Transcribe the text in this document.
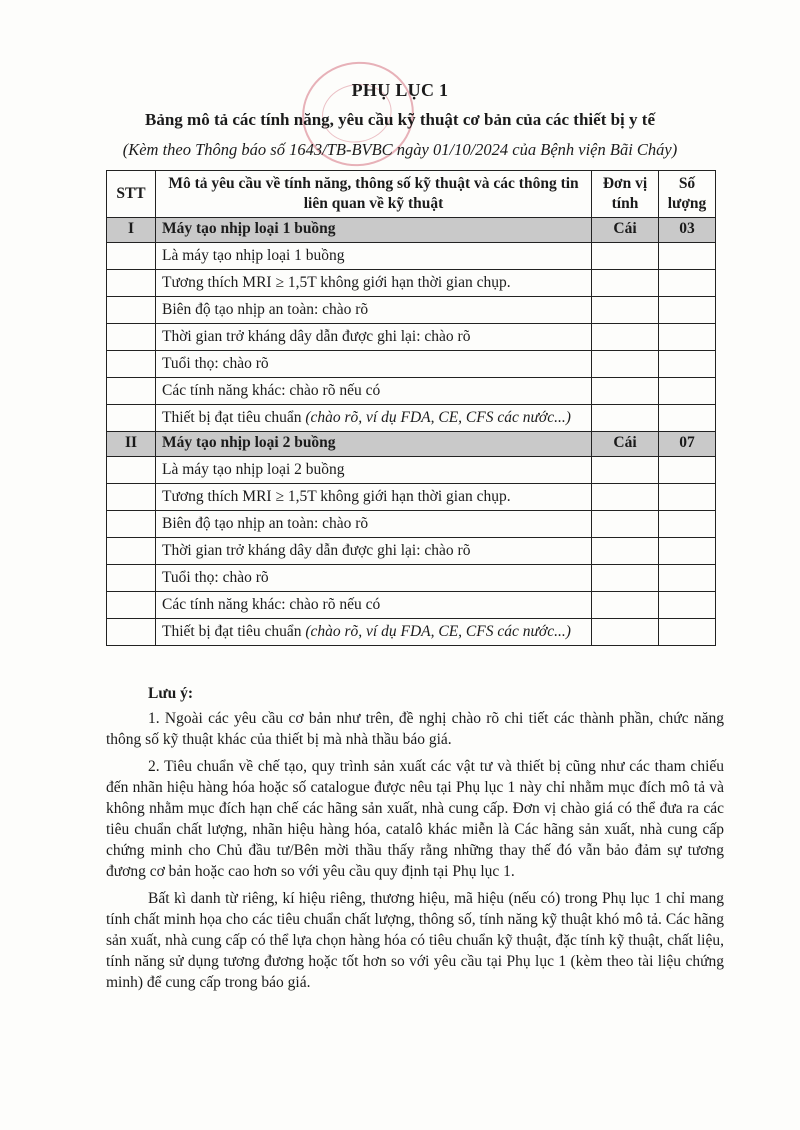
PHỤ LỤC 1
Bảng mô tả các tính năng, yêu cầu kỹ thuật cơ bản của các thiết bị y tế
(Kèm theo Thông báo số 1643/TB-BVBC ngày 01/10/2024 của Bệnh viện Bãi Cháy)
STT	Mô tả yêu cầu về tính năng, thông số kỹ thuật và các thông tin liên quan về kỹ thuật	Đơn vị tính	Số lượng
I	Máy tạo nhịp loại 1 buồng	Cái	03
	Là máy tạo nhịp loại 1 buồng		
	Tương thích MRI ≥ 1,5T không giới hạn thời gian chụp.		
	Biên độ tạo nhịp an toàn: chào rõ		
	Thời gian trở kháng dây dẫn được ghi lại: chào rõ		
	Tuổi thọ: chào rõ		
	Các tính năng khác: chào rõ nếu có		
	Thiết bị đạt tiêu chuẩn (chào rõ, ví dụ FDA, CE, CFS các nước...)		
II	Máy tạo nhịp loại 2 buồng	Cái	07
	Là máy tạo nhịp loại 2 buồng		
	Tương thích MRI ≥ 1,5T không giới hạn thời gian chụp.		
	Biên độ tạo nhịp an toàn: chào rõ		
	Thời gian trở kháng dây dẫn được ghi lại: chào rõ		
	Tuổi thọ: chào rõ		
	Các tính năng khác: chào rõ nếu có		
	Thiết bị đạt tiêu chuẩn (chào rõ, ví dụ FDA, CE, CFS các nước...)		
Lưu ý:

1. Ngoài các yêu cầu cơ bản như trên, đề nghị chào rõ chi tiết các thành phần, chức năng thông số kỹ thuật khác của thiết bị mà nhà thầu báo giá.

2. Tiêu chuẩn về chế tạo, quy trình sản xuất các vật tư và thiết bị cũng như các tham chiếu đến nhãn hiệu hàng hóa hoặc số catalogue được nêu tại Phụ lục 1 này chỉ nhằm mục đích mô tả và không nhằm mục đích hạn chế các hãng sản xuất, nhà cung cấp. Đơn vị chào giá có thể đưa ra các tiêu chuẩn chất lượng, nhãn hiệu hàng hóa, catalô khác miễn là Các hãng sản xuất, nhà cung cấp chứng minh cho Chủ đầu tư/Bên mời thầu thấy rằng những thay thế đó vẫn bảo đảm sự tương đương cơ bản hoặc cao hơn so với yêu cầu quy định tại Phụ lục 1.

Bất kì danh từ riêng, kí hiệu riêng, thương hiệu, mã hiệu (nếu có) trong Phụ lục 1 chỉ mang tính chất minh họa cho các tiêu chuẩn chất lượng, thông số, tính năng kỹ thuật khó mô tả. Các hãng sản xuất, nhà cung cấp có thể lựa chọn hàng hóa có tiêu chuẩn kỹ thuật, đặc tính kỹ thuật, chất liệu, tính năng sử dụng tương đương hoặc tốt hơn so với yêu cầu tại Phụ lục 1 (kèm theo tài liệu chứng minh) để cung cấp trong báo giá.
